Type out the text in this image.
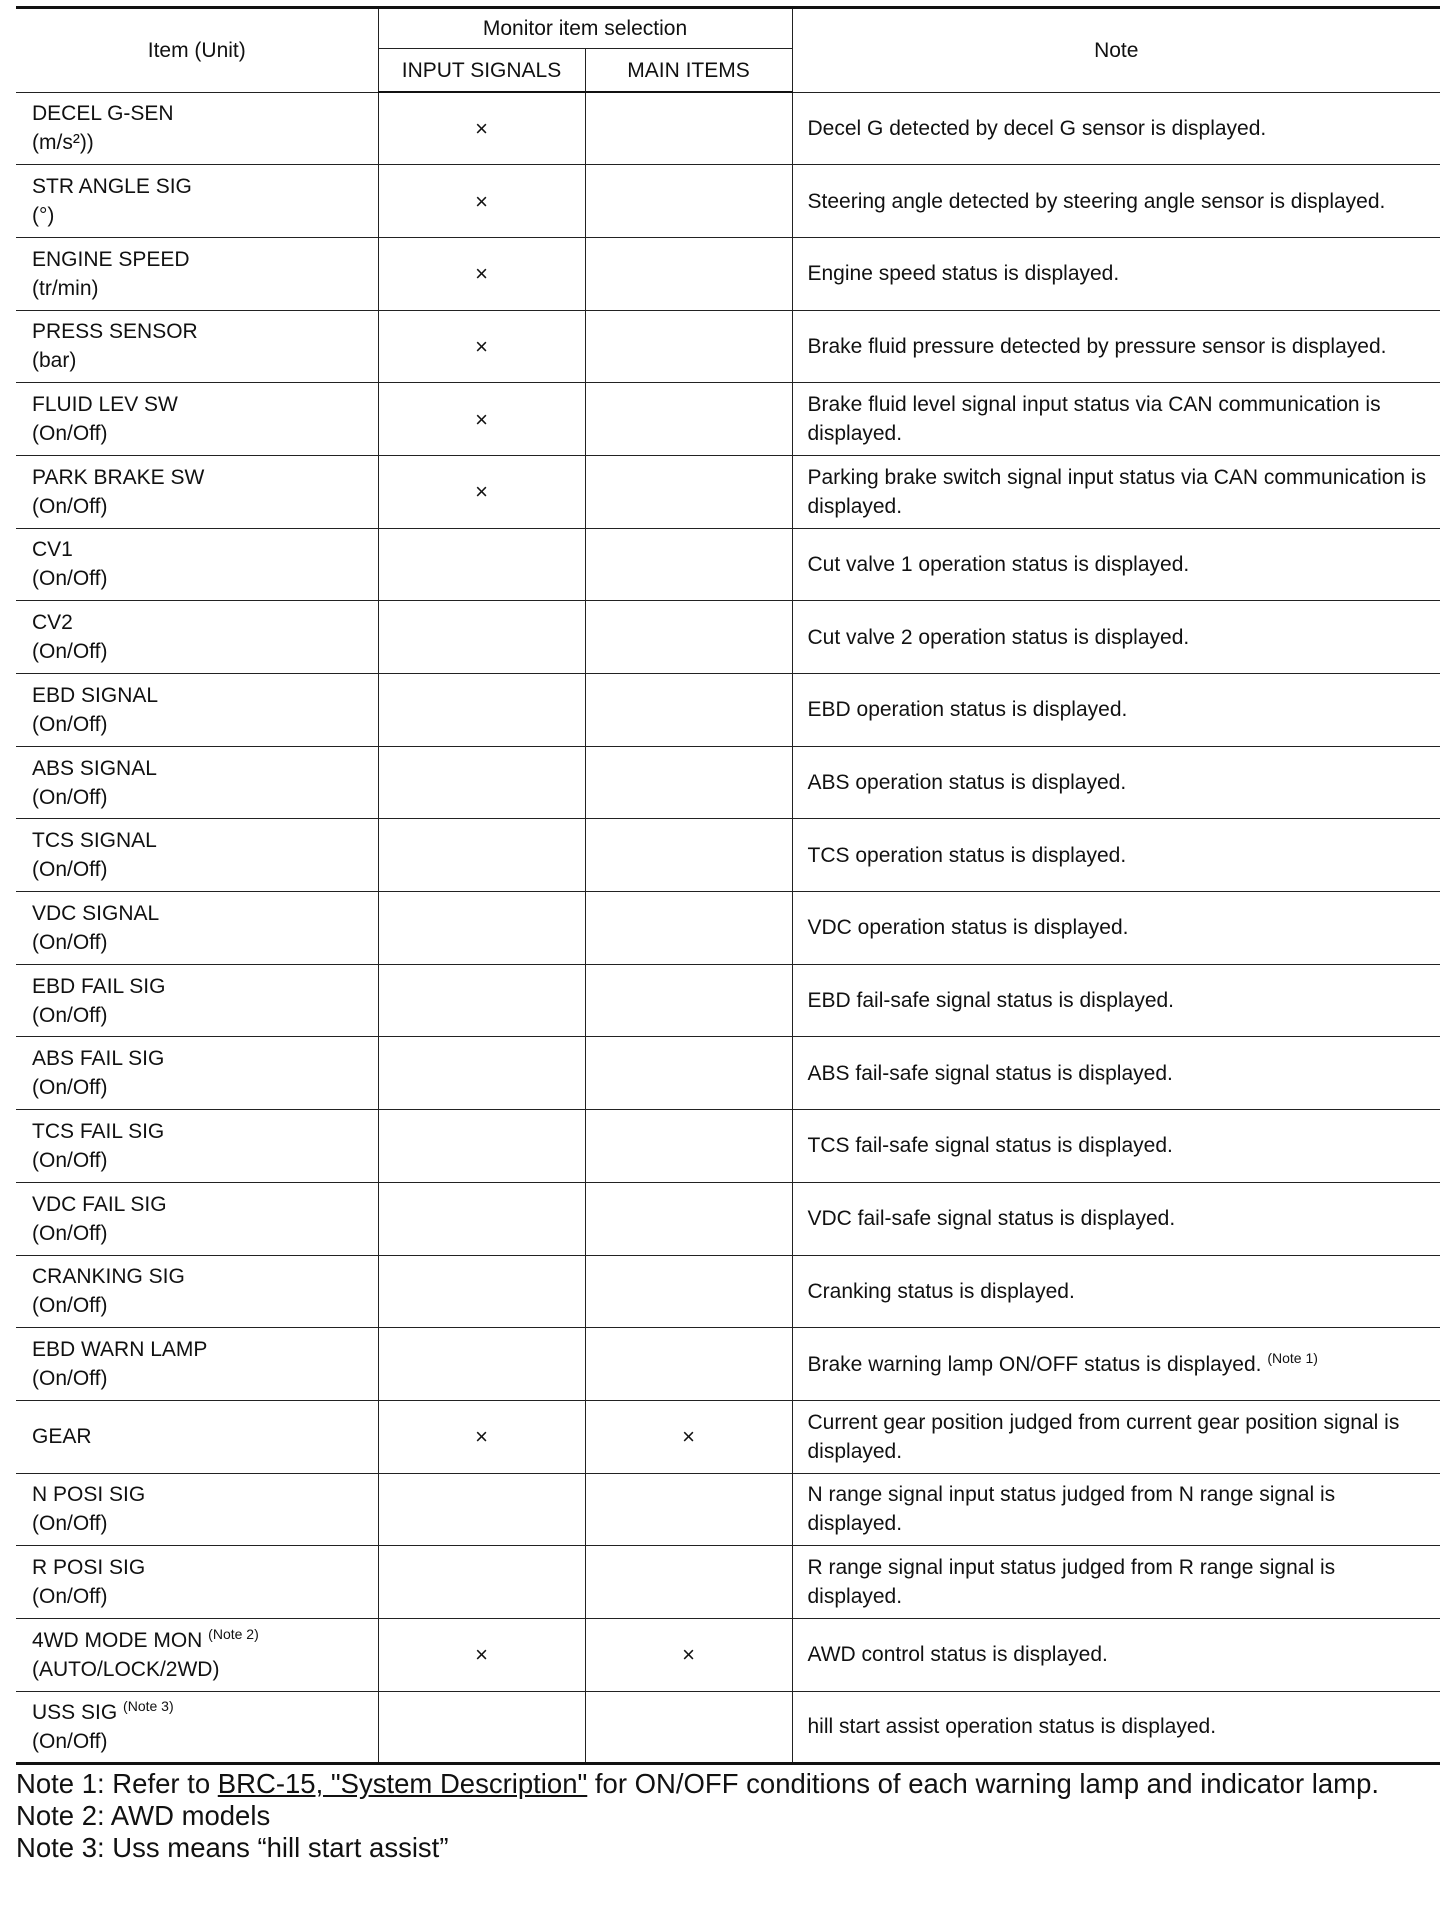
Item (Unit)	Monitor item selection		Note
	INPUT SIGNALS	MAIN ITEMS	

DECEL G-SEN
(m/s²))	×		Decel G detected by decel G sensor is displayed.

STR ANGLE SIG
(°)	×		Steering angle detected by steering angle sensor is displayed.

ENGINE SPEED
(tr/min)	×		Engine speed status is displayed.

PRESS SENSOR
(bar)	×		Brake fluid pressure detected by pressure sensor is displayed.

FLUID LEV SW
(On/Off)	×		Brake fluid level signal input status via CAN communication is displayed.

PARK BRAKE SW
(On/Off)	×		Parking brake switch signal input status via CAN communication is displayed.

CV1
(On/Off)			Cut valve 1 operation status is displayed.

CV2
(On/Off)			Cut valve 2 operation status is displayed.

EBD SIGNAL
(On/Off)			EBD operation status is displayed.

ABS SIGNAL
(On/Off)			ABS operation status is displayed.

TCS SIGNAL
(On/Off)			TCS operation status is displayed.

VDC SIGNAL
(On/Off)			VDC operation status is displayed.

EBD FAIL SIG
(On/Off)			EBD fail-safe signal status is displayed.

ABS FAIL SIG
(On/Off)			ABS fail-safe signal status is displayed.

TCS FAIL SIG
(On/Off)			TCS fail-safe signal status is displayed.

VDC FAIL SIG
(On/Off)			VDC fail-safe signal status is displayed.

CRANKING SIG
(On/Off)			Cranking status is displayed.

EBD WARN LAMP
(On/Off)			Brake warning lamp ON/OFF status is displayed. $^{(Note 1)}$

GEAR	×	×	Current gear position judged from current gear position signal is displayed.

N POSI SIG
(On/Off)			N range signal input status judged from N range signal is displayed.

R POSI SIG
(On/Off)			R range signal input status judged from R range signal is displayed.

4WD MODE MON $^{(Note 2)}$
(AUTO/LOCK/2WD)	×	×	AWD control status is displayed.

USS SIG $^{(Note 3)}$
(On/Off)			hill start assist operation status is displayed.
Note 1: Refer to BRC-15, "System Description" for ON/OFF conditions of each warning lamp and indicator lamp.
Note 2: AWD models
Note 3: Uss means “hill start assist”
